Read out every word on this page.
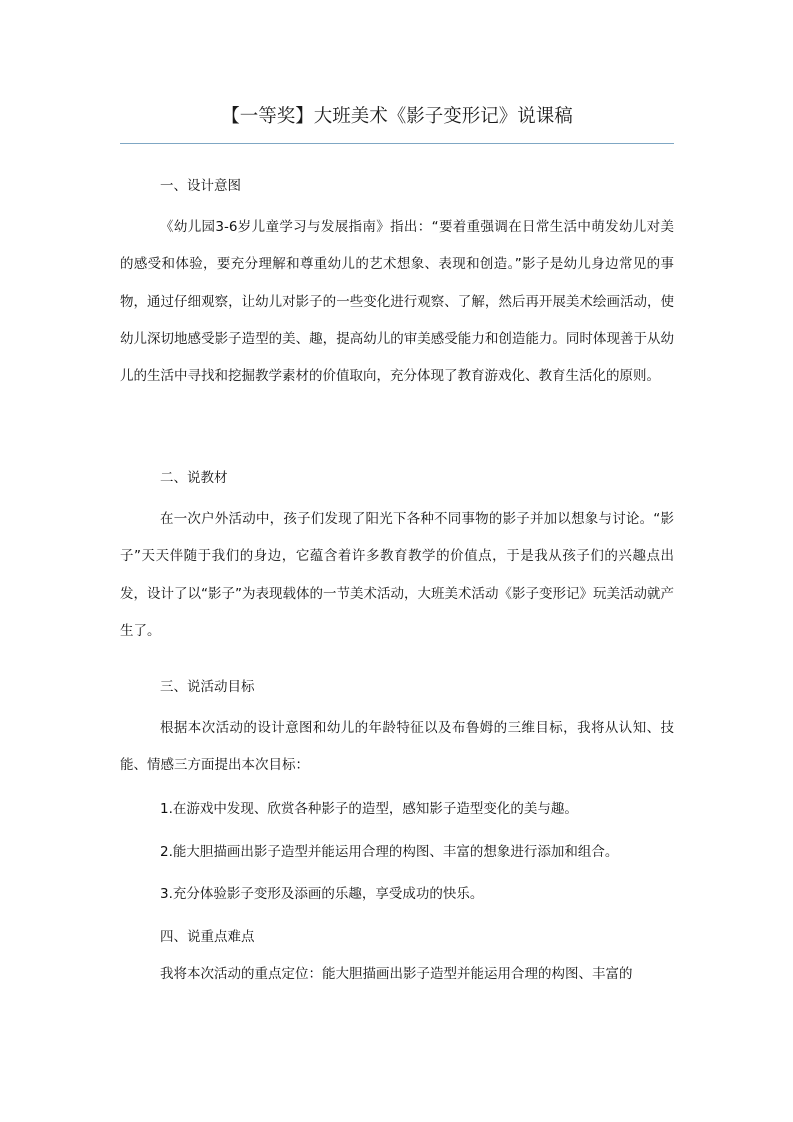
【一等奖】大班美术《影子变形记》说课稿
一、设计意图

《幼儿园3-6岁儿童学习与发展指南》指出：“要着重强调在日常生活中萌发幼儿对美的感受和体验，要充分理解和尊重幼儿的艺术想象、表现和创造。”影子是幼儿身边常见的事物，通过仔细观察，让幼儿对影子的一些变化进行观察、了解，然后再开展美术绘画活动，使幼儿深切地感受影子造型的美、趣，提高幼儿的审美感受能力和创造能力。同时体现善于从幼儿的生活中寻找和挖掘教学素材的价值取向，充分体现了教育游戏化、教育生活化的原则。

二、说教材

在一次户外活动中，孩子们发现了阳光下各种不同事物的影子并加以想象与讨论。“影子”天天伴随于我们的身边，它蕴含着许多教育教学的价值点，于是我从孩子们的兴趣点出发，设计了以“影子”为表现载体的一节美术活动，大班美术活动《影子变形记》玩美活动就产生了。

三、说活动目标

根据本次活动的设计意图和幼儿的年龄特征以及布鲁姆的三维目标，我将从认知、技能、情感三方面提出本次目标：

1.在游戏中发现、欣赏各种影子的造型，感知影子造型变化的美与趣。
2.能大胆描画出影子造型并能运用合理的构图、丰富的想象进行添加和组合。
3.充分体验影子变形及添画的乐趣，享受成功的快乐。
四、说重点难点

我将本次活动的重点定位：能大胆描画出影子造型并能运用合理的构图、丰富的
